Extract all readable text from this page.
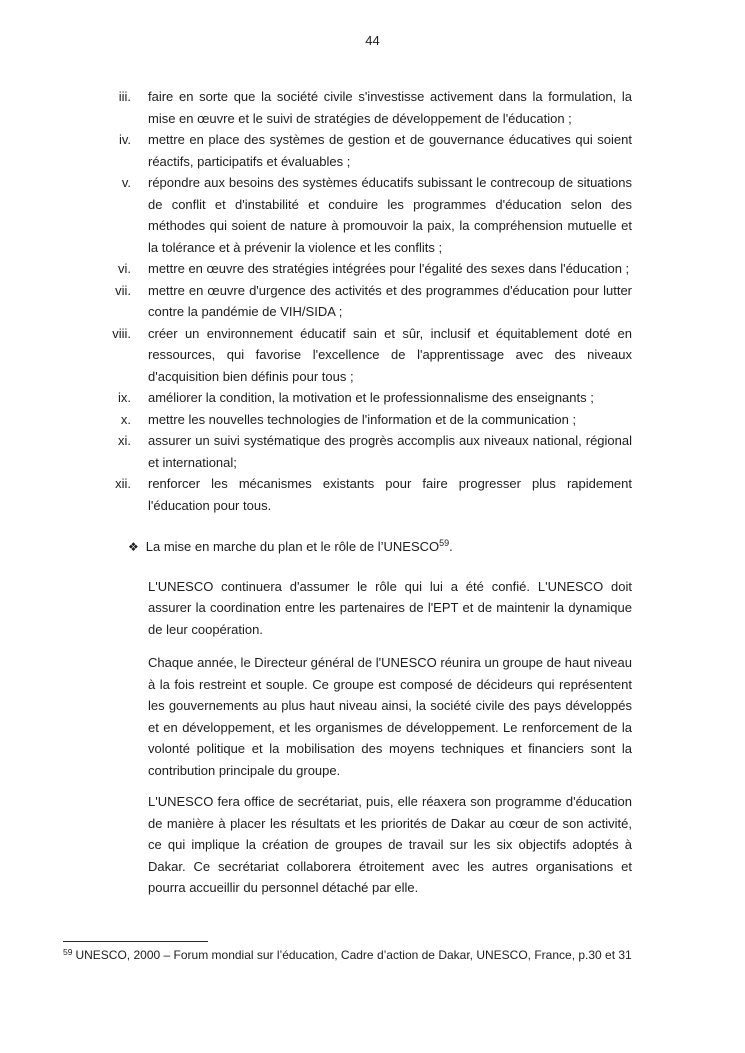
44
iii. faire en sorte que la société civile s'investisse activement dans la formulation, la mise en œuvre et le suivi de stratégies de développement de l'éducation ;
iv. mettre en place des systèmes de gestion et de gouvernance éducatives qui soient réactifs, participatifs et évaluables ;
v. répondre aux besoins des systèmes éducatifs subissant le contrecoup de situations de conflit et d'instabilité et conduire les programmes d'éducation selon des méthodes qui soient de nature à promouvoir la paix, la compréhension mutuelle et la tolérance et à prévenir la violence et les conflits ;
vi. mettre en œuvre des stratégies intégrées pour l'égalité des sexes dans l'éducation ;
vii. mettre en œuvre d'urgence des activités et des programmes d'éducation pour lutter contre la pandémie de VIH/SIDA ;
viii. créer un environnement éducatif sain et sûr, inclusif et équitablement doté en ressources, qui favorise l'excellence de l'apprentissage avec des niveaux d'acquisition bien définis pour tous ;
ix. améliorer la condition, la motivation et le professionnalisme des enseignants ;
x. mettre les nouvelles technologies de l'information et de la communication ;
xi. assurer un suivi systématique des progrès accomplis aux niveaux national, régional et international;
xii. renforcer les mécanismes existants pour faire progresser plus rapidement l'éducation pour tous.
❖ La mise en marche du plan et le rôle de l’UNESCO$^{59}$.

L'UNESCO continuera d'assumer le rôle qui lui a été confié. L'UNESCO doit assurer la coordination entre les partenaires de l'EPT et de maintenir la dynamique de leur coopération.

Chaque année, le Directeur général de l'UNESCO réunira un groupe de haut niveau à la fois restreint et souple. Ce groupe est composé de décideurs qui représentent les gouvernements au plus haut niveau ainsi, la société civile des pays développés et en développement, et les organismes de développement. Le renforcement de la volonté politique et la mobilisation des moyens techniques et financiers sont la contribution principale du groupe.

L'UNESCO fera office de secrétariat, puis, elle réaxera son programme d'éducation de manière à placer les résultats et les priorités de Dakar au cœur de son activité, ce qui implique la création de groupes de travail sur les six objectifs adoptés à Dakar. Ce secrétariat collaborera étroitement avec les autres organisations et pourra accueillir du personnel détaché par elle.

$^{59}$ UNESCO, 2000 – Forum mondial sur l’éducation, Cadre d’action de Dakar, UNESCO, France, p.30 et 31
